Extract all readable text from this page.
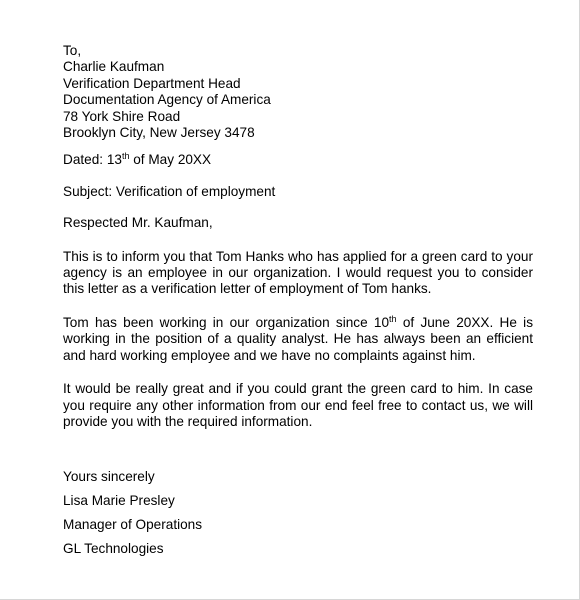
To,
Charlie Kaufman
Verification Department Head
Documentation Agency of America
78 York Shire Road
Brooklyn City, New Jersey 3478

Dated: 13th of May 20XX

Subject: Verification of employment

Respected Mr. Kaufman,

This is to inform you that Tom Hanks who has applied for a green card to your agency is an employee in our organization. I would request you to consider this letter as a verification letter of employment of Tom hanks.

Tom has been working in our organization since 10th of June 20XX. He is working in the position of a quality analyst. He has always been an efficient and hard working employee and we have no complaints against him.

It would be really great and if you could grant the green card to him. In case you require any other information from our end feel free to contact us, we will provide you with the required information.

Yours sincerely
Lisa Marie Presley
Manager of Operations
GL Technologies
